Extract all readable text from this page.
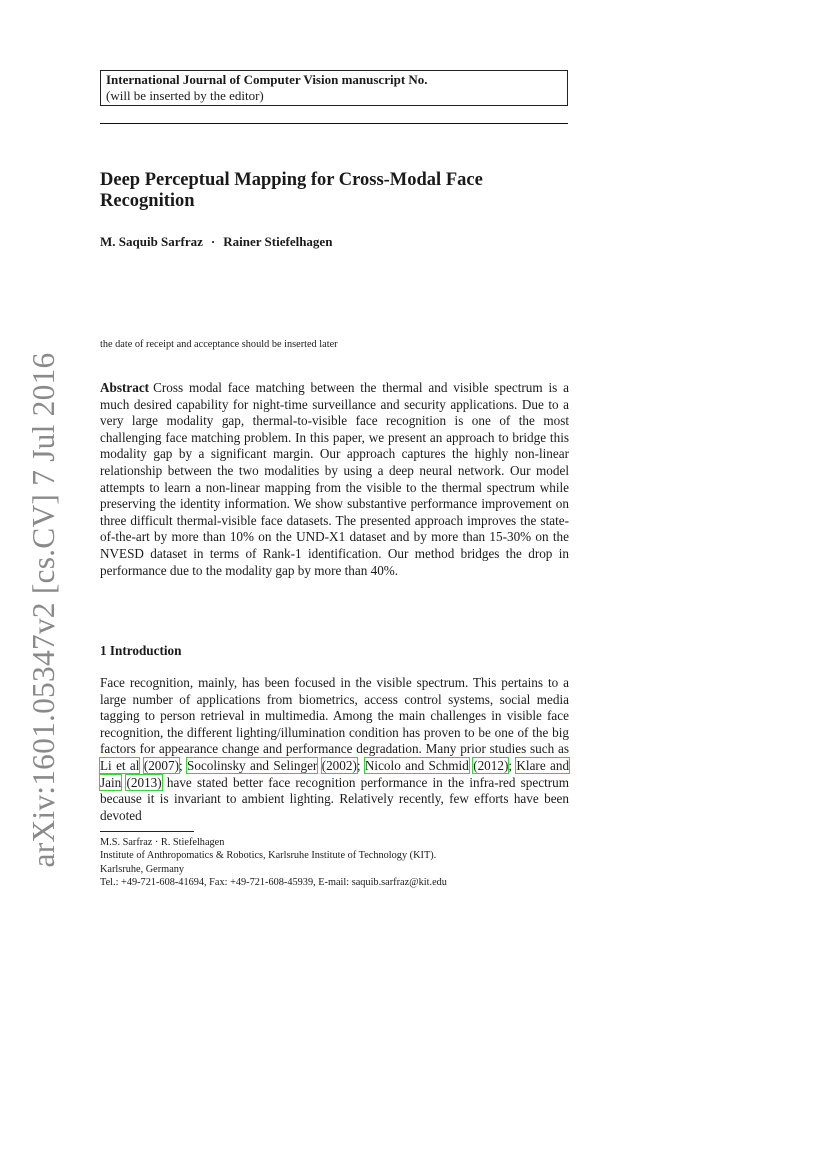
arXiv:1601.05347v2 [cs.CV] 7 Jul 2016
International Journal of Computer Vision manuscript No.
(will be inserted by the editor)
Deep Perceptual Mapping for Cross-Modal Face Recognition
M. Saquib Sarfraz · Rainer Stiefelhagen
the date of receipt and acceptance should be inserted later

Abstract Cross modal face matching between the thermal and visible spectrum is a much desired capability for night-time surveillance and security applications. Due to a very large modality gap, thermal-to-visible face recognition is one of the most challenging face matching problem. In this paper, we present an approach to bridge this modality gap by a significant margin. Our approach captures the highly non-linear relationship between the two modalities by using a deep neural network. Our model attempts to learn a non-linear mapping from the visible to the thermal spectrum while preserving the identity information. We show substantive performance improvement on three difficult thermal-visible face datasets. The presented approach improves the state-of-the-art by more than 10% on the UND-X1 dataset and by more than 15-30% on the NVESD dataset in terms of Rank-1 identification. Our method bridges the drop in performance due to the modality gap by more than 40%.

1 Introduction

Face recognition, mainly, has been focused in the visible spectrum. This pertains to a large number of applications from biometrics, access control systems, social media tagging to person retrieval in multimedia. Among the main challenges in visible face recognition, the different lighting/illumination condition has proven to be one of the big factors for appearance change and performance degradation. Many prior studies such as Li et al (2007); Socolinsky and Selinger (2002); Nicolo and Schmid (2012); Klare and Jain (2013) have stated better face recognition performance in the infra-red spectrum because it is invariant to ambient lighting. Relatively recently, few efforts have been devoted

M.S. Sarfraz · R. Stiefelhagen
Institute of Anthropomatics & Robotics, Karlsruhe Institute of Technology (KIT).
Karlsruhe, Germany
Tel.: +49-721-608-41694, Fax: +49-721-608-45939, E-mail: saquib.sarfraz@kit.edu
